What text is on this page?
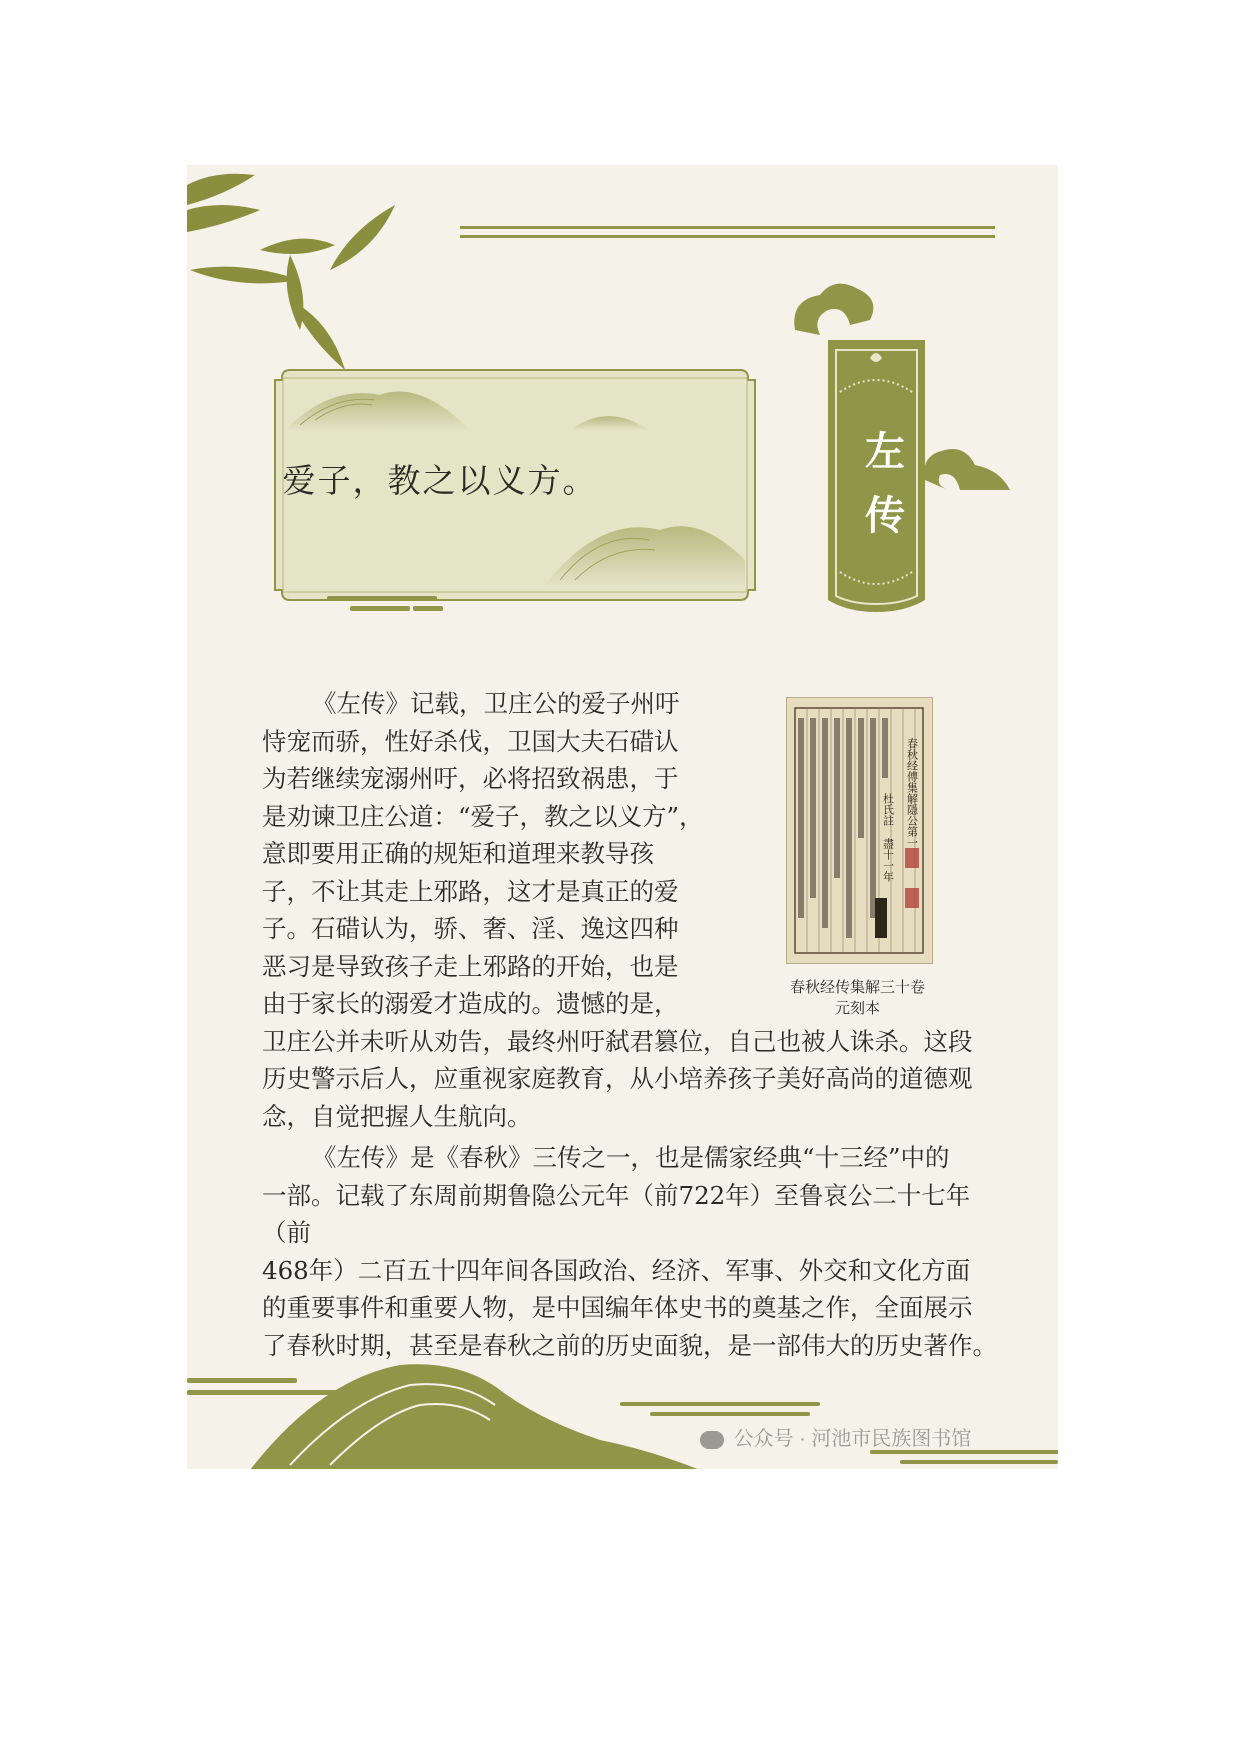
爱子，教之以义方。
左
传
《左传》记载，卫庄公的爱子州吁
恃宠而骄，性好杀伐，卫国大夫石碏认
为若继续宠溺州吁，必将招致祸患，于
是劝谏卫庄公道：“爱子，教之以义方”，
意即要用正确的规矩和道理来教导孩
子，不让其走上邪路，这才是真正的爱
子。石碏认为，骄、奢、淫、逸这四种
恶习是导致孩子走上邪路的开始，也是
由于家长的溺爱才造成的。遗憾的是，
卫庄公并未听从劝告，最终州吁弑君篡位，自己也被人诛杀。这段
历史警示后人，应重视家庭教育，从小培养孩子美好高尚的道德观
念，自觉把握人生航向。
《左传》是《春秋》三传之一，也是儒家经典“十三经”中的
一部。记载了东周前期鲁隐公元年（前722年）至鲁哀公二十七年（前
468年）二百五十四年间各国政治、经济、军事、外交和文化方面
的重要事件和重要人物，是中国编年体史书的奠基之作，全面展示
了春秋时期，甚至是春秋之前的历史面貌，是一部伟大的历史著作。
春秋经傳集解隱公第一
杜氏註
盡十一年
春秋经传集解三十卷
元刻本
公众号 · 河池市民族图书馆
